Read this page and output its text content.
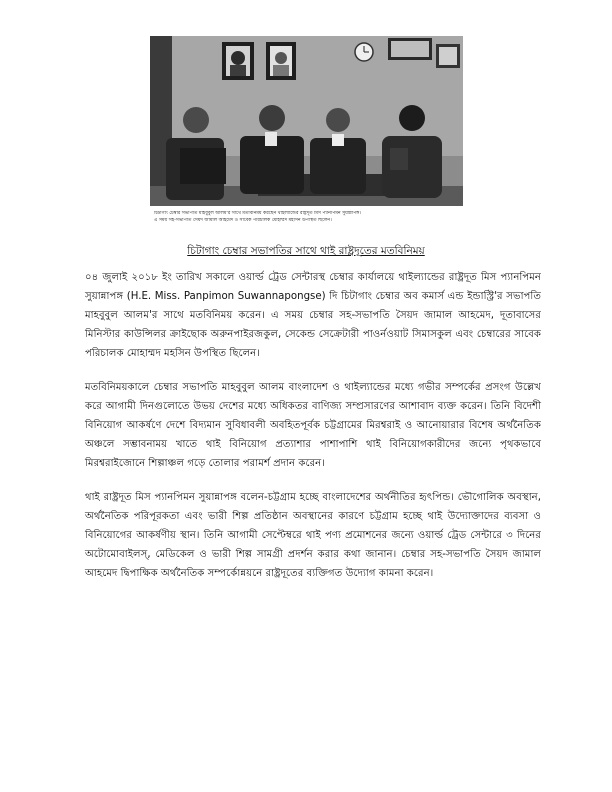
চিটাগাং চেম্বার সভাপতি মাহবুবুল আলম'র সাথে মতবিনিময় করছেন থাইল্যান্ডের রাষ্ট্রদূত মিস প্যানপিমন সুয়ান্নাপঙ্গ।
এ সময় সহ-সভাপতি সৈয়দ জামাল আহমেদ ও সাবেক পরিচালক মোহাম্মদ মহসিন উপস্থিত ছিলেন।
চিটাগাং চেম্বার সভাপতির সাথে থাই রাষ্ট্রদূতের মতবিনিময়

০৪ জুলাই ২০১৮ ইং তারিখ সকালে ওয়ার্ল্ড ট্রেড সেন্টারস্থ চেম্বার কার্যালয়ে থাইল্যান্ডের রাষ্ট্রদূত মিস প্যানপিমন সুয়ান্নাপঙ্গ (H.E. Miss. Panpimon Suwannapongse) দি চিটাগাং চেম্বার অব কমার্স এন্ড ইন্ডাস্ট্রি'র সভাপতি মাহবুবুল আলম'র সাথে মতবিনিময় করেন। এ সময় চেম্বার সহ-সভাপতি সৈয়দ জামাল আহমেদ, দূতাবাসের মিনিস্টার কাউন্সিলর ক্রাইছোক অরুনপাইরজকুল, সেকেন্ড সেক্রেটারী পাওর্নওয়াট সিমাসকুল এবং চেম্বারের সাবেক পরিচালক মোহাম্মদ মহসিন উপস্থিত ছিলেন।

মতবিনিময়কালে চেম্বার সভাপতি মাহবুবুল আলম বাংলাদেশ ও থাইল্যান্ডের মধ্যে গভীর সম্পর্কের প্রসংগ উল্লেখ করে আগামী দিনগুলোতে উভয় দেশের মধ্যে অধিকতর বাণিজ্য সম্প্রসারণের আশাবাদ ব্যক্ত করেন। তিনি বিদেশী বিনিয়োগ আকর্ষণে দেশে বিদ্যমান সুবিধাবলী অবহিতপূর্বক চট্টগ্রামের মিরশ্বরাই ও আনোয়ারার বিশেষ অর্থনৈতিক অঞ্চলে সম্ভাবনাময় খাতে থাই বিনিয়োগ প্রত্যাশার পাশাপাশি থাই বিনিয়োগকারীদের জন্যে পৃথকভাবে মিরশ্বরাইজোনে শিল্পাঞ্চল গড়ে তোলার পরামর্শ প্রদান করেন।

থাই রাষ্ট্রদূত মিস প্যানপিমন সুয়ান্নাপঙ্গ বলেন-চট্টগ্রাম হচ্ছে বাংলাদেশের অর্থনীতির হৃৎপিন্ড। ভৌগোলিক অবস্থান, অর্থনৈতিক পরিপূরকতা এবং ভারী শিল্প প্রতিষ্ঠান অবস্থানের কারণে চট্টগ্রাম হচ্ছে থাই উদ্যোক্তাদের ব্যবসা ও বিনিয়োগের আকর্ষণীয় স্থান। তিনি আগামী সেপ্টেম্বরে থাই পণ্য প্রমোশনের জন্যে ওয়ার্ল্ড ট্রেড সেন্টারে ৩ দিনের অটোমোবাইলস্, মেডিকেল ও ভারী শিল্প সামগ্রী প্রদর্শন করার কথা জানান। চেম্বার সহ-সভাপতি সৈয়দ জামাল আহমেদ দ্বিপাক্ষিক অর্থনৈতিক সম্পর্কোন্নয়নে রাষ্ট্রদূতের ব্যক্তিগত উদ্যোগ কামনা করেন।
